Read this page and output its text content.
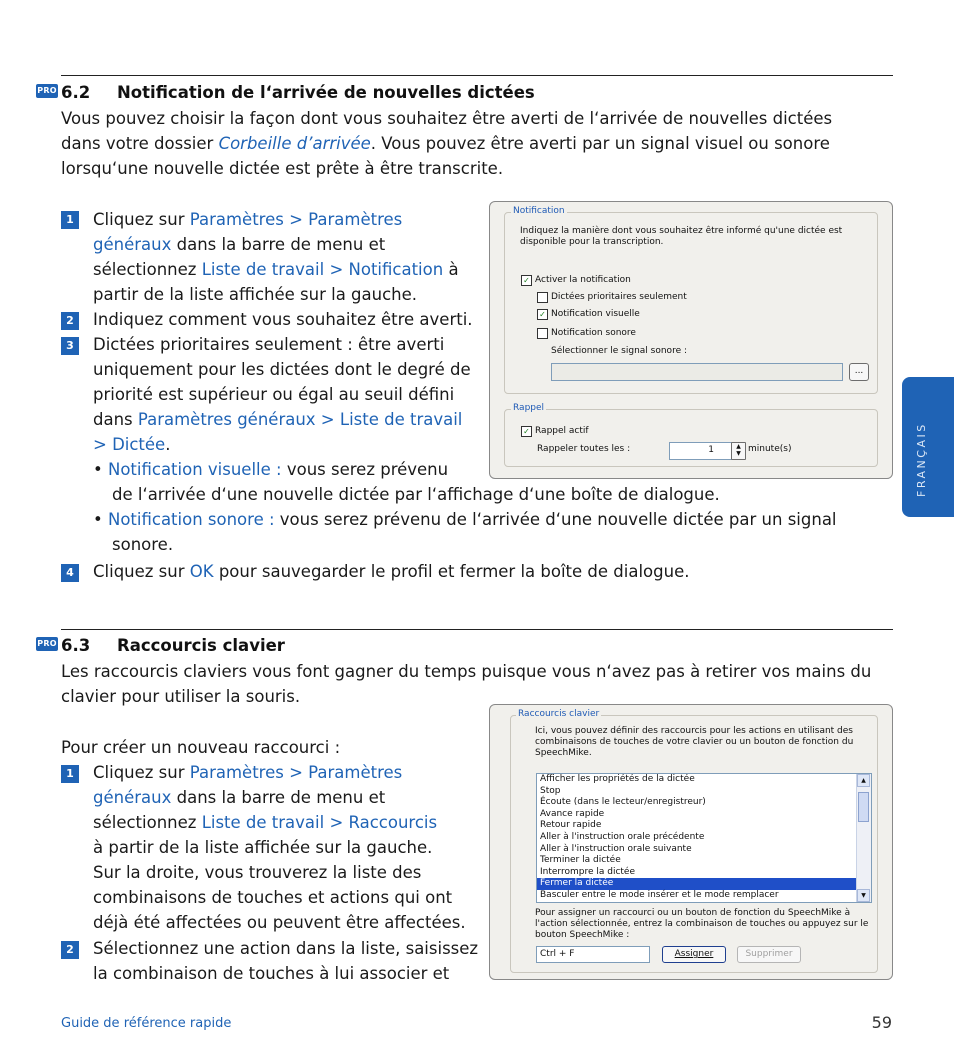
PRO 6.2 Notification de l‘arrivée de nouvelles dictées
Vous pouvez choisir la façon dont vous souhaitez être averti de l‘arrivée de nouvelles dictées
dans votre dossier Corbeille d’arrivée. Vous pouvez être averti par un signal visuel ou sonore
lorsqu‘une nouvelle dictée est prête à être transcrite.
1	Cliquez sur Paramètres > Paramètres
généraux dans la barre de menu et
sélectionnez Liste de travail > Notification à
partir de la liste affichée sur la gauche.
2	Indiquez comment vous souhaitez être averti.
3	Dictées prioritaires seulement : être averti
uniquement pour les dictées dont le degré de
priorité est supérieur ou égal au seuil défini
dans Paramètres généraux > Liste de travail
> Dictée.
• Notification visuelle : vous serez prévenu
de l‘arrivée d‘une nouvelle dictée par l‘affichage d‘une boîte de dialogue.
• Notification sonore : vous serez prévenu de l‘arrivée d‘une nouvelle dictée par un signal
sonore.
4	Cliquez sur OK pour sauvegarder le profil et fermer la boîte de dialogue.
Notification
Indiquez la manière dont vous souhaitez être informé qu'une dictée est disponible pour la transcription.
✓ Activer la notification
Dictées prioritaires seulement
✓ Notification visuelle
Notification sonore
Sélectionner le signal sonore :
...
Rappel
✓ Rappel actif
Rappeler toutes les :	1	▲
▼ minute(s)	FRANÇAIS
PRO 6.3 Raccourcis clavier
Les raccourcis claviers vous font gagner du temps puisque vous n‘avez pas à retirer vos mains du
clavier pour utiliser la souris.
Pour créer un nouveau raccourci :
1	Cliquez sur Paramètres > Paramètres
généraux dans la barre de menu et
sélectionnez Liste de travail > Raccourcis
à partir de la liste affichée sur la gauche.
Sur la droite, vous trouverez la liste des
combinaisons de touches et actions qui ont
déjà été affectées ou peuvent être affectées.
2	Sélectionnez une action dans la liste, saisissez
la combinaison de touches à lui associer et
Raccourcis clavier
Ici, vous pouvez définir des raccourcis pour les actions en utilisant des combinaisons de touches de votre clavier ou un bouton de fonction du SpeechMike.
Afficher les propriétés de la dictée
Stop
Écoute (dans le lecteur/enregistreur)
Avance rapide
Retour rapide
Aller à l'instruction orale précédente
Aller à l'instruction orale suivante
Terminer la dictée
Interrompre la dictée
Fermer la dictée
Basculer entre le mode insérer et le mode remplacer
▲
▼
Pour assigner un raccourci ou un bouton de fonction du SpeechMike à l'action sélectionnée, entrez la combinaison de touches ou appuyez sur le bouton SpeechMike :
Ctrl + F	Assigner	Supprimer
Guide de référence rapide	59
